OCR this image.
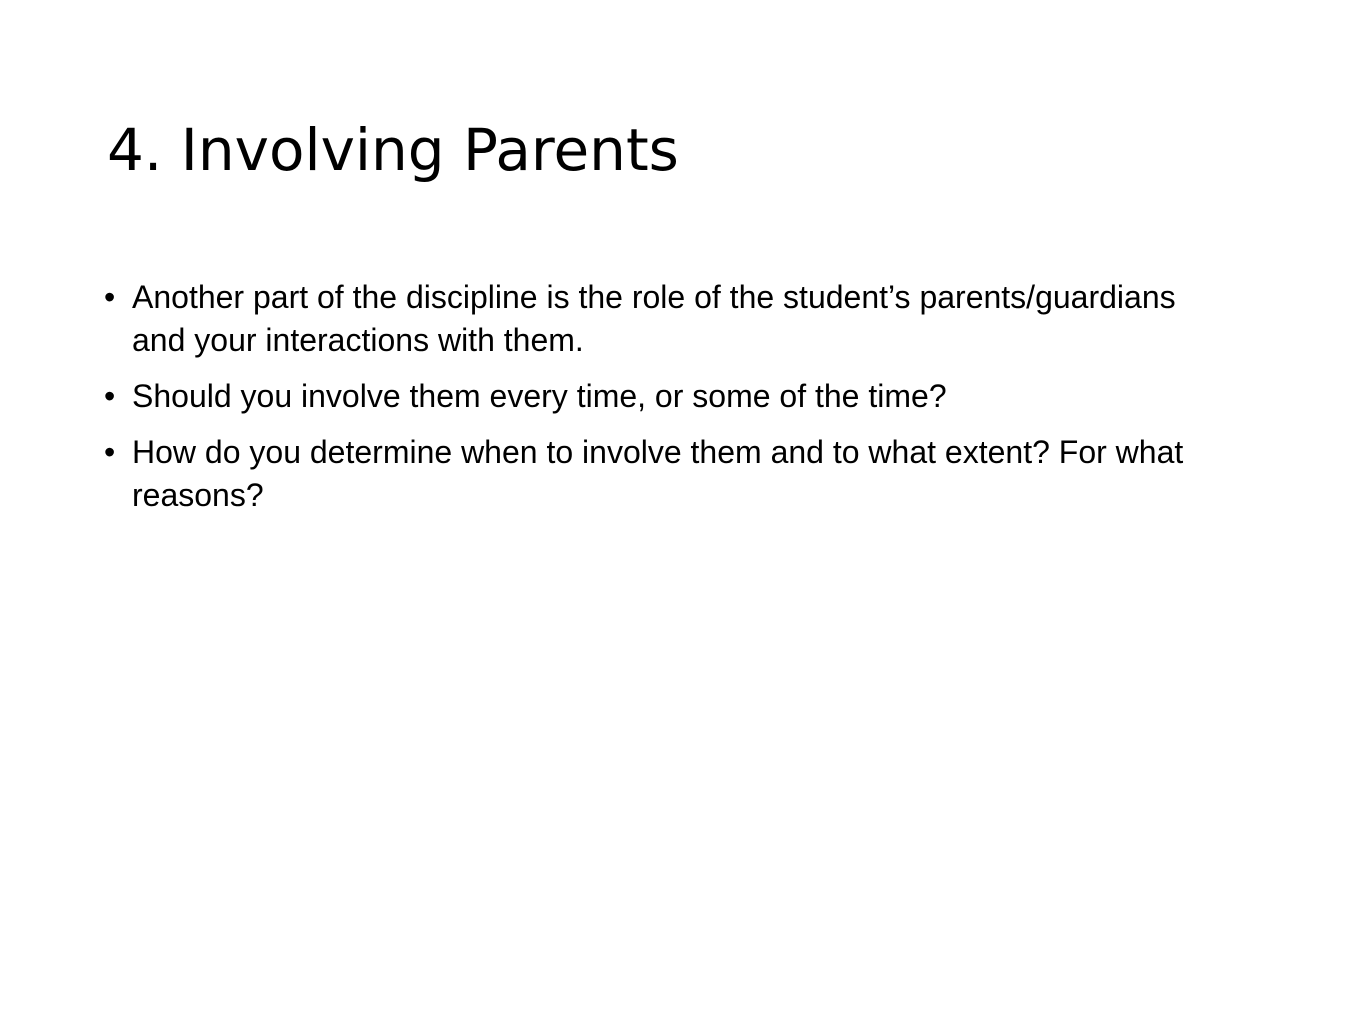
4. Involving Parents
• Another part of the discipline is the role of the student’s parents/guardians and your interactions with them.
• Should you involve them every time, or some of the time?
• How do you determine when to involve them and to what extent? For what reasons?
